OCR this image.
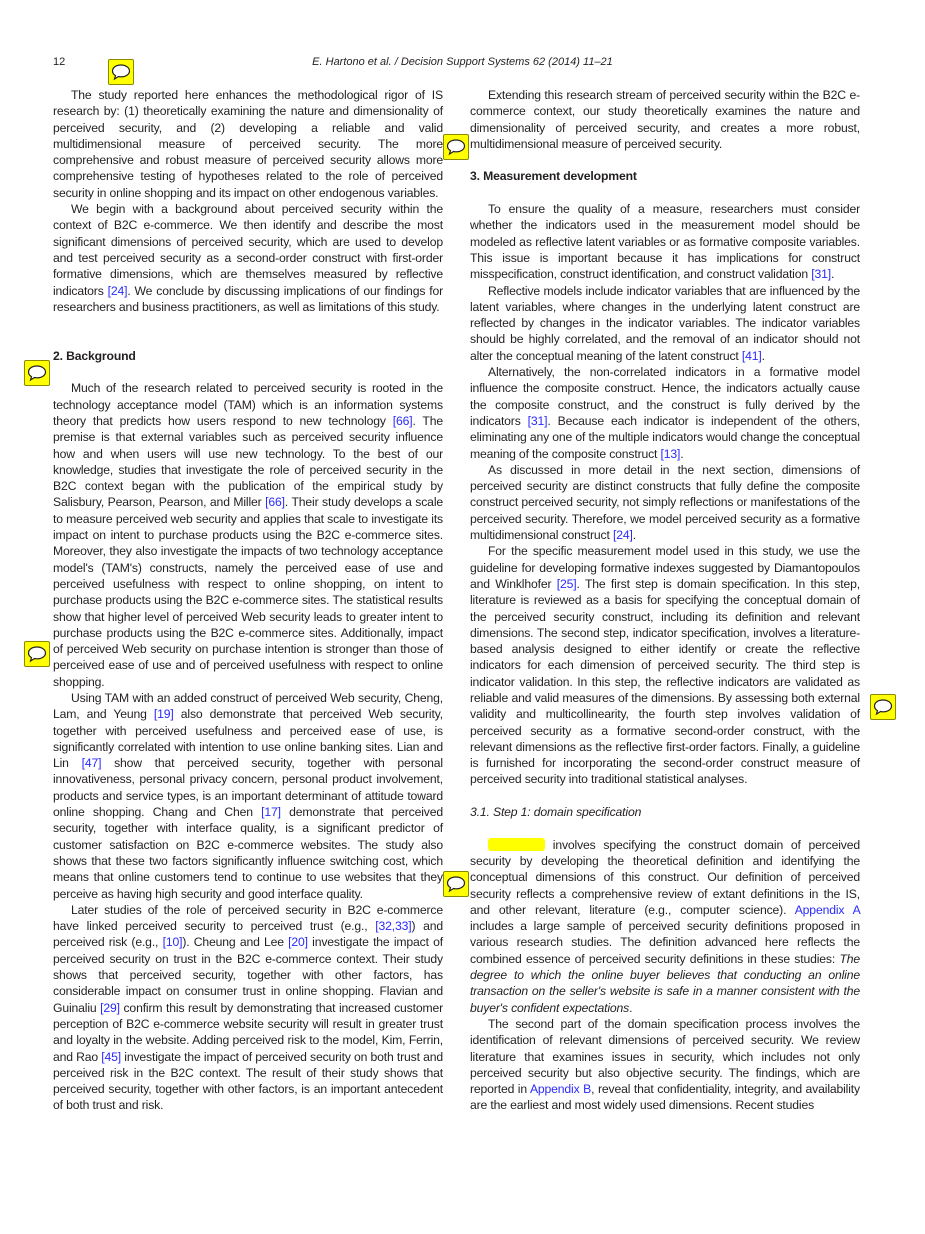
12	E. Hartono et al. / Decision Support Systems 62 (2014) 11–21

The study reported here enhances the methodological rigor of IS research by: (1) theoretically examining the nature and dimensionality of perceived security, and (2) developing a reliable and valid multidimensional measure of perceived security. The more comprehensive and robust measure of perceived security allows more comprehensive testing of hypotheses related to the role of perceived security in online shopping and its impact on other endogenous variables.

We begin with a background about perceived security within the context of B2C e-commerce. We then identify and describe the most significant dimensions of perceived security, which are used to develop and test perceived security as a second-order construct with first-order formative dimensions, which are themselves measured by reflective indicators [24]. We conclude by discussing implications of our findings for researchers and business practitioners, as well as limitations of this study.

2. Background

Much of the research related to perceived security is rooted in the technology acceptance model (TAM) which is an information systems theory that predicts how users respond to new technology [66]. The premise is that external variables such as perceived security influence how and when users will use new technology. To the best of our knowledge, studies that investigate the role of perceived security in the B2C context began with the publication of the empirical study by Salisbury, Pearson, Pearson, and Miller [66]. Their study develops a scale to measure perceived web security and applies that scale to investigate its impact on intent to purchase products using the B2C e-commerce sites. Moreover, they also investigate the impacts of two technology acceptance model's (TAM's) constructs, namely the perceived ease of use and perceived usefulness with respect to online shopping, on intent to purchase products using the B2C e-commerce sites. The statistical results show that higher level of perceived Web security leads to greater intent to purchase products using the B2C e-commerce sites. Additionally, impact of perceived Web security on purchase intention is stronger than those of perceived ease of use and of perceived usefulness with respect to online shopping.

Using TAM with an added construct of perceived Web security, Cheng, Lam, and Yeung [19] also demonstrate that perceived Web security, together with perceived usefulness and perceived ease of use, is significantly correlated with intention to use online banking sites. Lian and Lin [47] show that perceived security, together with personal innovativeness, personal privacy concern, personal product involvement, products and service types, is an important determinant of attitude toward online shopping. Chang and Chen [17] demonstrate that perceived security, together with interface quality, is a significant predictor of customer satisfaction on B2C e-commerce websites. The study also shows that these two factors significantly influence switching cost, which means that online customers tend to continue to use websites that they perceive as having high security and good interface quality.

Later studies of the role of perceived security in B2C e-commerce have linked perceived security to perceived trust (e.g., [32,33]) and perceived risk (e.g., [10]). Cheung and Lee [20] investigate the impact of perceived security on trust in the B2C e-commerce context. Their study shows that perceived security, together with other factors, has considerable impact on consumer trust in online shopping. Flavian and Guinaliu [29] confirm this result by demonstrating that increased customer perception of B2C e-commerce website security will result in greater trust and loyalty in the website. Adding perceived risk to the model, Kim, Ferrin, and Rao [45] investigate the impact of perceived security on both trust and perceived risk in the B2C context. The result of their study shows that perceived security, together with other factors, is an important antecedent of both trust and risk.

Extending this research stream of perceived security within the B2C e-commerce context, our study theoretically examines the nature and dimensionality of perceived security, and creates a more robust, multidimensional measure of perceived security.

3. Measurement development

To ensure the quality of a measure, researchers must consider whether the indicators used in the measurement model should be modeled as reflective latent variables or as formative composite variables. This issue is important because it has implications for construct misspecification, construct identification, and construct validation [31].

Reflective models include indicator variables that are influenced by the latent variables, where changes in the underlying latent construct are reflected by changes in the indicator variables. The indicator variables should be highly correlated, and the removal of an indicator should not alter the conceptual meaning of the latent construct [41].

Alternatively, the non-correlated indicators in a formative model influence the composite construct. Hence, the indicators actually cause the composite construct, and the construct is fully derived by the indicators [31]. Because each indicator is independent of the others, eliminating any one of the multiple indicators would change the conceptual meaning of the composite construct [13].

As discussed in more detail in the next section, dimensions of perceived security are distinct constructs that fully define the composite construct perceived security, not simply reflections or manifestations of the perceived security. Therefore, we model perceived security as a formative multidimensional construct [24].

For the specific measurement model used in this study, we use the guideline for developing formative indexes suggested by Diamantopoulos and Winklhofer [25]. The first step is domain specification. In this step, literature is reviewed as a basis for specifying the conceptual domain of the perceived security construct, including its definition and relevant dimensions. The second step, indicator specification, involves a literature-based analysis designed to either identify or create the reflective indicators for each dimension of perceived security. The third step is indicator validation. In this step, the reflective indicators are validated as reliable and valid measures of the dimensions. By assessing both external validity and multicollinearity, the fourth step involves validation of perceived security as a formative second-order construct, with the relevant dimensions as the reflective first-order factors. Finally, a guideline is furnished for incorporating the second-order construct measure of perceived security into traditional statistical analyses.

3.1. Step 1: domain specification

involves specifying the construct domain of perceived security by developing the theoretical definition and identifying the conceptual dimensions of this construct. Our definition of perceived security reflects a comprehensive review of extant definitions in the IS, and other relevant, literature (e.g., computer science). Appendix A includes a large sample of perceived security definitions proposed in various research studies. The definition advanced here reflects the combined essence of perceived security definitions in these studies: The degree to which the online buyer believes that conducting an online transaction on the seller's website is safe in a manner consistent with the buyer's confident expectations.

The second part of the domain specification process involves the identification of relevant dimensions of perceived security. We review literature that examines issues in security, which includes not only perceived security but also objective security. The findings, which are reported in Appendix B, reveal that confidentiality, integrity, and availability are the earliest and most widely used dimensions. Recent studies
